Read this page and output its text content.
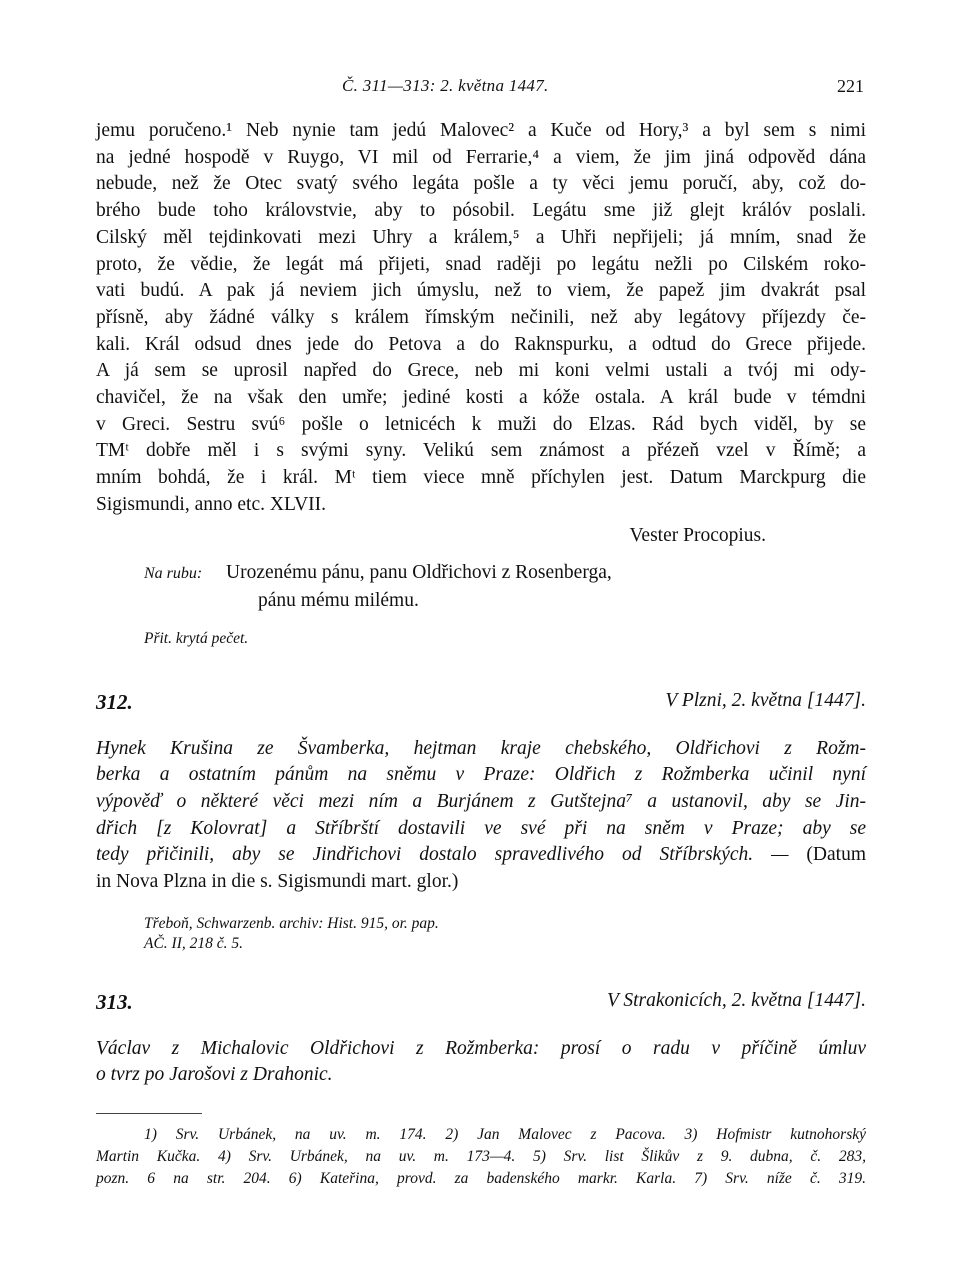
Č. 311—313: 2. května 1447.	221
jemu poručeno.¹ Neb nynie tam jedú Malovec² a Kuče od Hory,³ a byl sem s nimi
na jedné hospodě v Ruygo, VI mil od Ferrarie,⁴ a viem, že jim jiná odpověd dána
nebude, než že Otec svatý svého legáta pošle a ty věci jemu poručí, aby, což do-
brého bude toho královstvie, aby to pósobil. Legátu sme již glejt králóv poslali.
Cilský měl tejdinkovati mezi Uhry a králem,⁵ a Uhři nepřijeli; já mním, snad že
proto, že vědie, že legát má přijeti, snad raději po legátu nežli po Cilském roko-
vati budú. A pak já neviem jich úmyslu, než to viem, že papež jim dvakrát psal
přísně, aby žádné války s králem římským nečinili, než aby legátovy příjezdy če-
kali. Král odsud dnes jede do Petova a do Raknspurku, a odtud do Grece přijede.
A já sem se uprosil napřed do Grece, neb mi koni velmi ustali a tvój mi ody-
chavičel, že na však den umře; jediné kosti a kóže ostala. A král bude v témdni
v Greci. Sestru svú⁶ pošle o letnicéch k muži do Elzas. Rád bych viděl, by se
TMᵗ dobře měl i s svými syny. Velikú sem známost a přézeň vzel v Římě; a
mním bohdá, že i král. Mᵗ tiem viece mně příchylen jest. Datum Marckpurg die
Sigismundi, anno etc. XLVII.
Vester Procopius.
Na rubu: Urozenému pánu, panu Oldřichovi z Rosenberga,
pánu mému milému.
Přit. krytá pečet.
312.	V Plzni, 2. května [1447].
Hynek Krušina ze Švamberka, hejtman kraje chebského, Oldřichovi z Rožm-
berka a ostatním pánům na sněmu v Praze: Oldřich z Rožmberka učinil nyní
výpověď o některé věci mezi ním a Burjánem z Gutštejna⁷ a ustanovil, aby se Jin-
dřich [z Kolovrat] a Stříbrští dostavili ve své při na sněm v Praze; aby se
tedy přičinili, aby se Jindřichovi dostalo spravedlivého od Stříbrských. — (Datum
in Nova Plzna in die s. Sigismundi mart. glor.)
Třeboň, Schwarzenb. archiv: Hist. 915, or. pap.
AČ. II, 218 č. 5.
313.	V Strakonicích, 2. května [1447].
Václav z Michalovic Oldřichovi z Rožmberka: prosí o radu v příčině úmluv
o tvrz po Jarošovi z Drahonic.
1) Srv. Urbánek, na uv. m. 174. 2) Jan Malovec z Pacova. 3) Hofmistr kutnohorský
Martin Kučka. 4) Srv. Urbánek, na uv. m. 173—4. 5) Srv. list Šlikův z 9. dubna, č. 283,
pozn. 6 na str. 204. 6) Kateřina, provd. za badenského markr. Karla. 7) Srv. níže č. 319.
